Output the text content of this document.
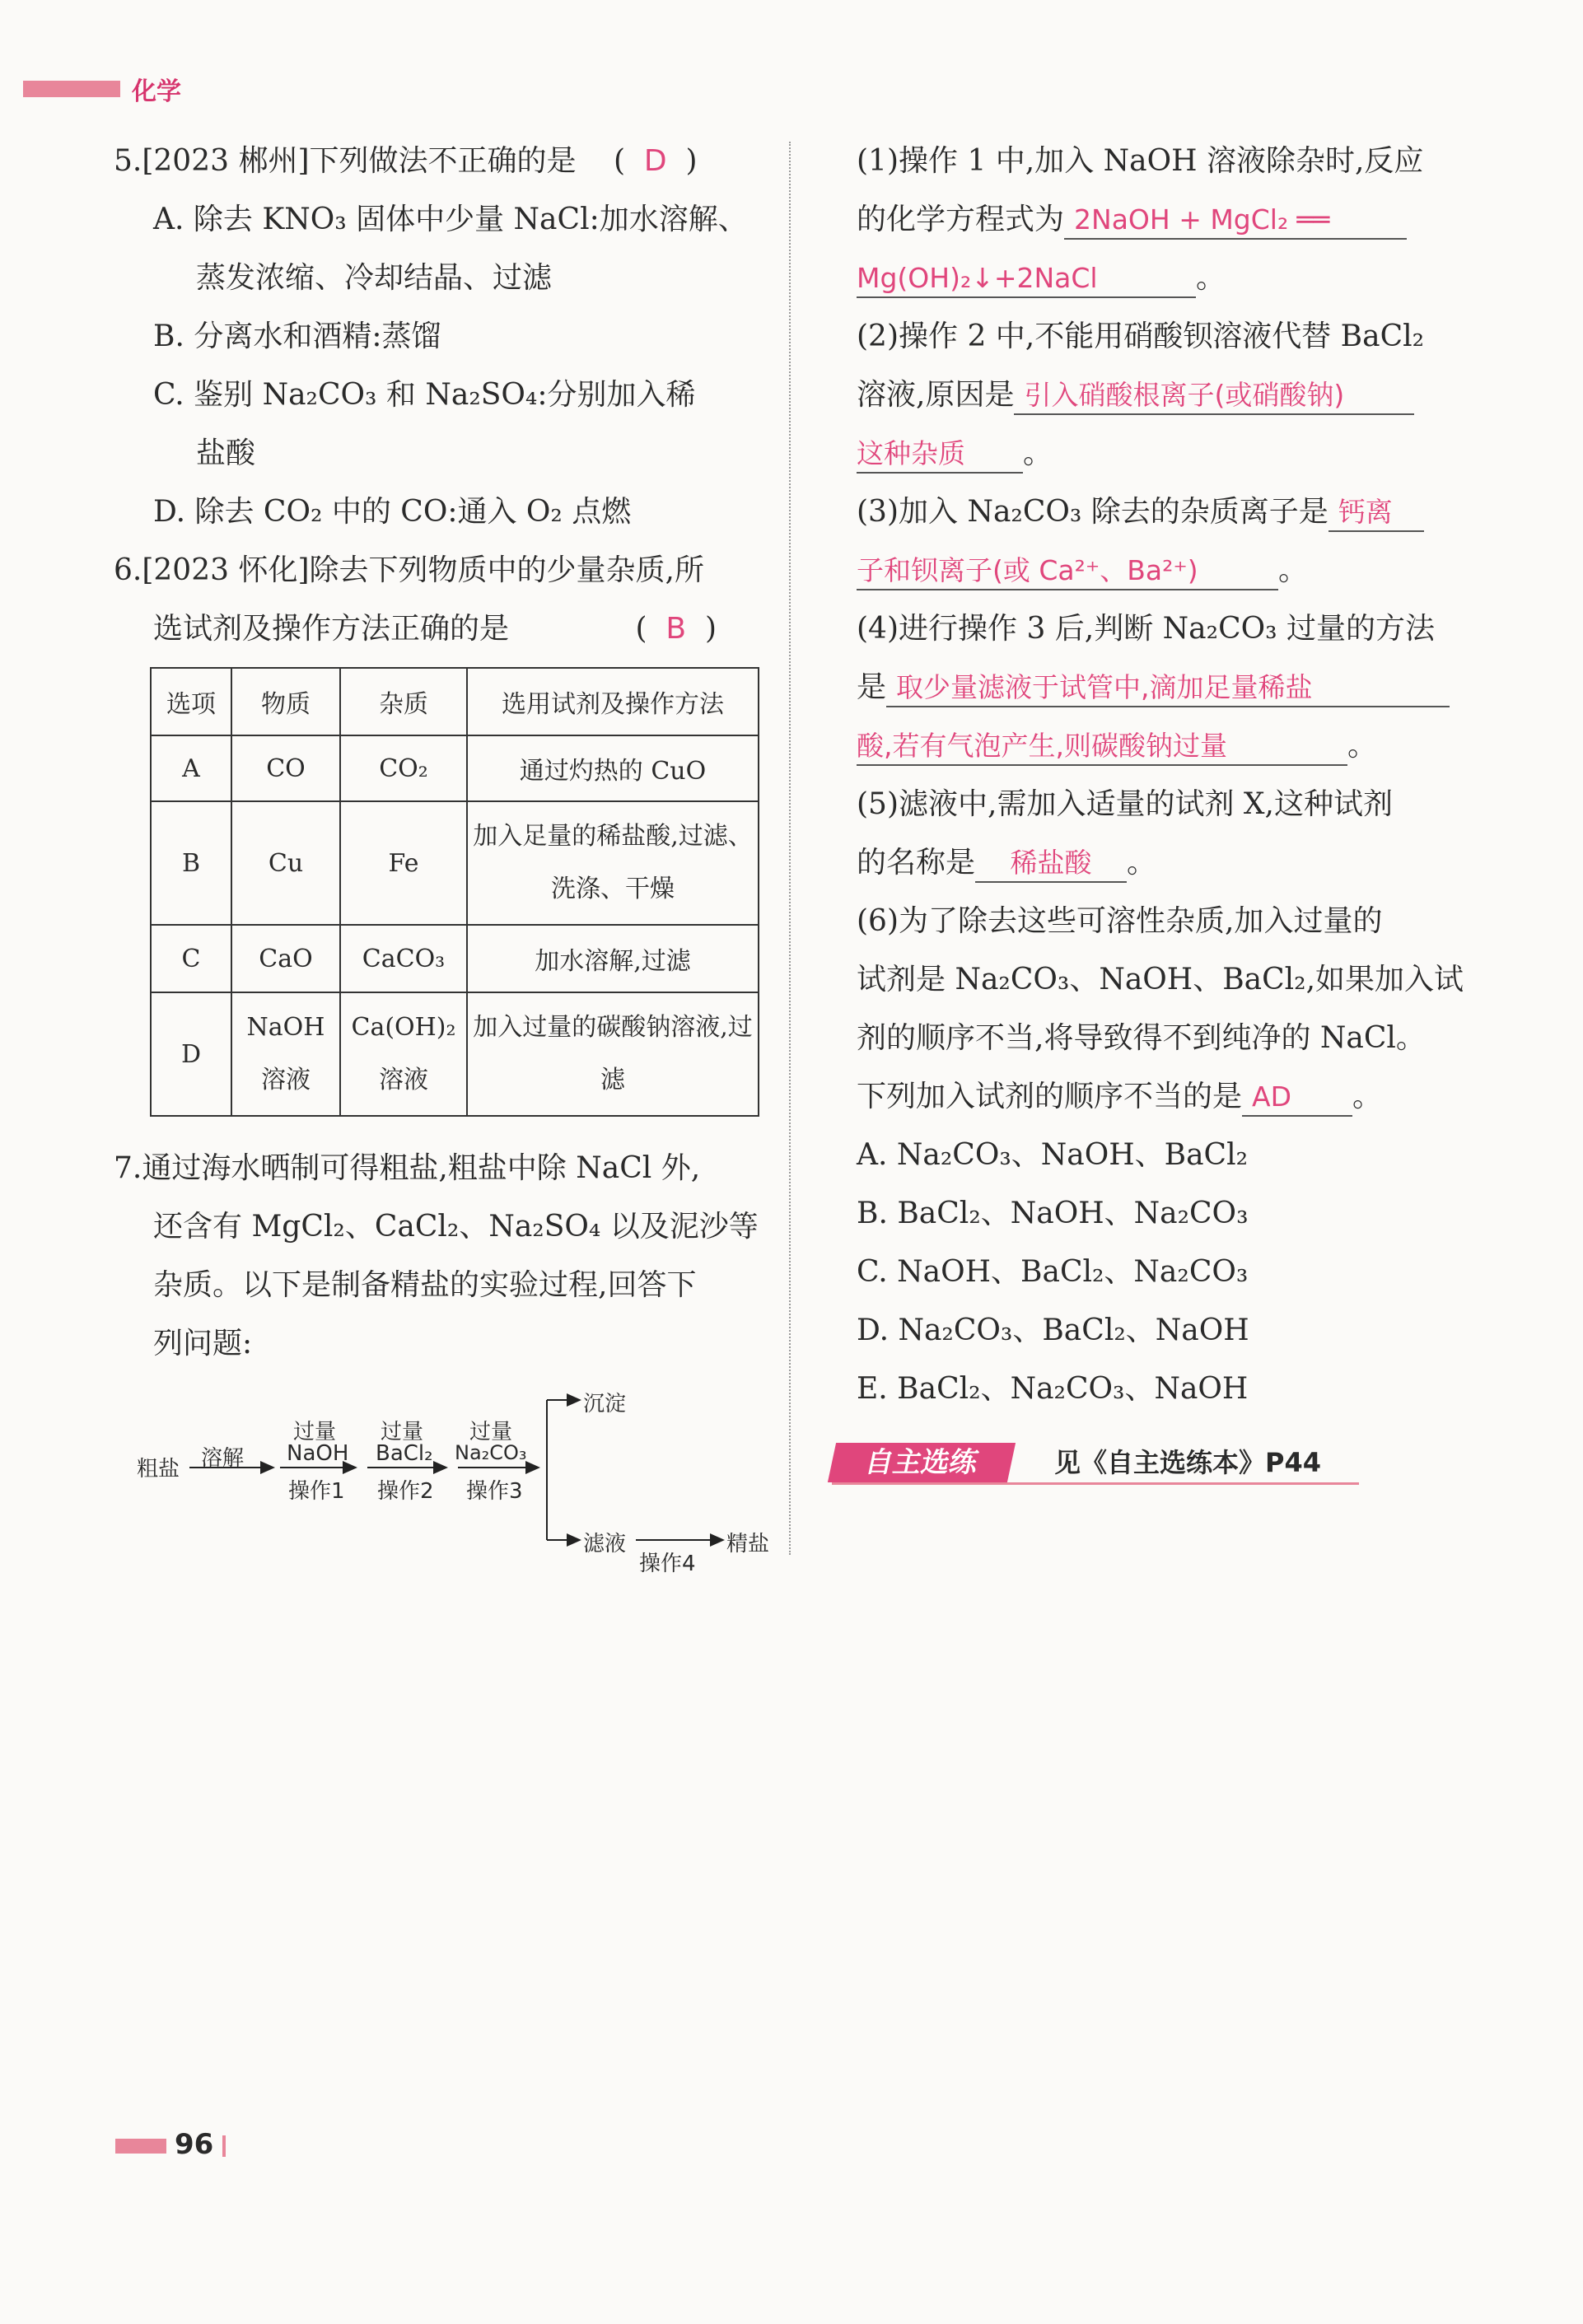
化学
5.[2023 郴州]下列做法不正确的是 (  D  )
A. 除去 KNO₃ 固体中少量 NaCl:加水溶解、
蒸发浓缩、冷却结晶、过滤
B. 分离水和酒精:蒸馏
C. 鉴别 Na₂CO₃ 和 Na₂SO₄:分别加入稀
盐酸
D. 除去 CO₂ 中的 CO:通入 O₂ 点燃
6.[2023 怀化]除去下列物质中的少量杂质,所
选试剂及操作方法正确的是	(  B  )
选项	物质	杂质	选用试剂及操作方法
A	CO	CO₂	通过灼热的 CuO
B	Cu	Fe	加入足量的稀盐酸,过滤、洗涤、干燥
C	CaO	CaCO₃	加水溶解,过滤
D	NaOH 溶液	Ca(OH)₂ 溶液	加入过量的碳酸钠溶液,过滤
7.通过海水晒制可得粗盐,粗盐中除 NaCl 外,
还含有 MgCl₂、CaCl₂、Na₂SO₄ 以及泥沙等
杂质。以下是制备精盐的实验过程,回答下
列问题:
粗盐 溶解
过量
NaOH
操作1
过量
BaCl₂
操作2
过量
Na₂CO₃
操作3
沉淀
滤液
操作4
精盐
(1)操作 1 中,加入 NaOH 溶液除杂时,反应
的化学方程式为 2NaOH + MgCl₂ ══
Mg(OH)₂↓+2NaCl	。
(2)操作 2 中,不能用硝酸钡溶液代替 BaCl₂
溶液,原因是 引入硝酸根离子(或硝酸钠)
这种杂质 。
(3)加入 Na₂CO₃ 除去的杂质离子是 钙离
子和钡离子(或 Ca²⁺、Ba²⁺)	。
(4)进行操作 3 后,判断 Na₂CO₃ 过量的方法
是 取少量滤液于试管中,滴加足量稀盐
酸,若有气泡产生,则碳酸钠过量	。
(5)滤液中,需加入适量的试剂 X,这种试剂
的名称是 稀盐酸 。
(6)为了除去这些可溶性杂质,加入过量的
试剂是 Na₂CO₃、NaOH、BaCl₂,如果加入试
剂的顺序不当,将导致得不到纯净的 NaCl。
下列加入试剂的顺序不当的是 AD 。
A. Na₂CO₃、NaOH、BaCl₂
B. BaCl₂、NaOH、Na₂CO₃
C. NaOH、BaCl₂、Na₂CO₃
D. Na₂CO₃、BaCl₂、NaOH
E. BaCl₂、Na₂CO₃、NaOH
自主选练	见《自主选练本》P44
96
